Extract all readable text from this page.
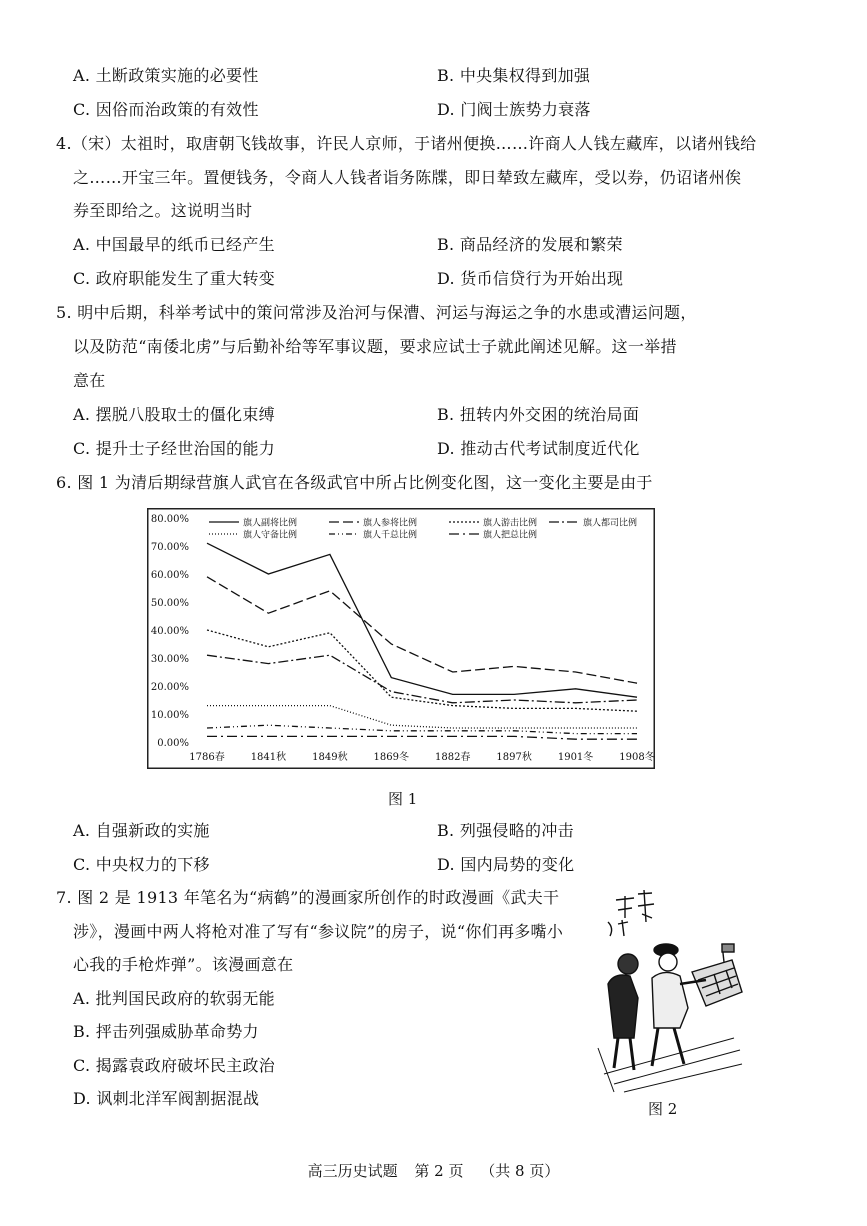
A. 土断政策实施的必要性	B. 中央集权得到加强
C. 因俗而治政策的有效性	D. 门阀士族势力衰落
4.（宋）太祖时，取唐朝飞钱故事，许民人京师，于诸州便换……许商人人钱左藏库，以诸州钱给
之……开宝三年。置便钱务，令商人人钱者诣务陈牒，即日辇致左藏库，受以券，仍诏诸州俟
券至即给之。这说明当时
A. 中国最早的纸币已经产生	B. 商品经济的发展和繁荣
C. 政府职能发生了重大转变	D. 货币信贷行为开始出现
5. 明中后期，科举考试中的策问常涉及治河与保漕、河运与海运之争的水患或漕运问题，
以及防范“南倭北虏”与后勤补给等军事议题，要求应试士子就此阐述见解。这一举措
意在
A. 摆脱八股取士的僵化束缚	B. 扭转内外交困的统治局面
C. 提升士子经世治国的能力	D. 推动古代考试制度近代化
6. 图 1 为清后期绿营旗人武官在各级武官中所占比例变化图，这一变化主要是由于
80.00%
70.00%
60.00%
50.00%
40.00%
30.00%
20.00%
10.00%
0.00%
1786春	1841秋	1849秋	1869冬	1882春	1897秋	1901冬	1908冬
旗人副将比例	旗人参将比例	旗人游击比例	旗人都司比例
旗人守备比例	旗人千总比例	旗人把总比例
图 1
A. 自强新政的实施	B. 列强侵略的冲击
C. 中央权力的下移	D. 国内局势的变化
7. 图 2 是 1913 年笔名为“病鹤”的漫画家所创作的时政漫画《武夫干
涉》，漫画中两人将枪对准了写有“参议院”的房子，说“你们再多嘴小
心我的手枪炸弹”。该漫画意在
A. 批判国民政府的软弱无能
B. 抨击列强威胁革命势力
C. 揭露袁政府破坏民主政治
D. 讽刺北洋军阀割据混战
图 2
高三历史试题 第 2 页 （共 8 页）
